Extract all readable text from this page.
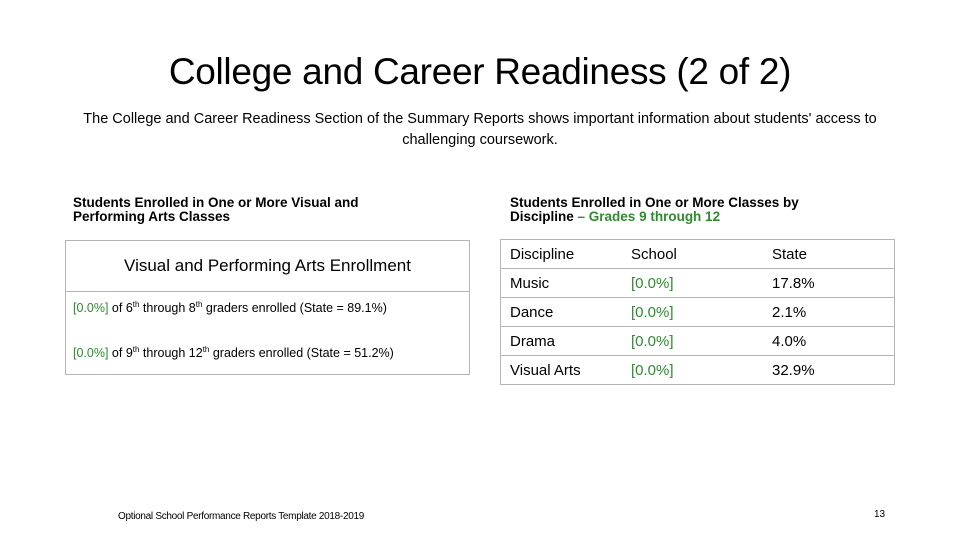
College and Career Readiness (2 of 2)
The College and Career Readiness Section of the Summary Reports shows important information about students' access to challenging coursework.
Students Enrolled in One or More Visual and Performing Arts Classes
Visual and Performing Arts Enrollment
[0.0%] of 6th through 8th graders enrolled (State = 89.1%)
[0.0%] of 9th through 12th graders enrolled (State = 51.2%)
Students Enrolled in One or More Classes by Discipline – Grades 9 through 12
Discipline	School	State
Music	[0.0%]	17.8%
Dance	[0.0%]	2.1%
Drama	[0.0%]	4.0%
Visual Arts	[0.0%]	32.9%
Optional School Performance Reports Template 2018-2019	13
